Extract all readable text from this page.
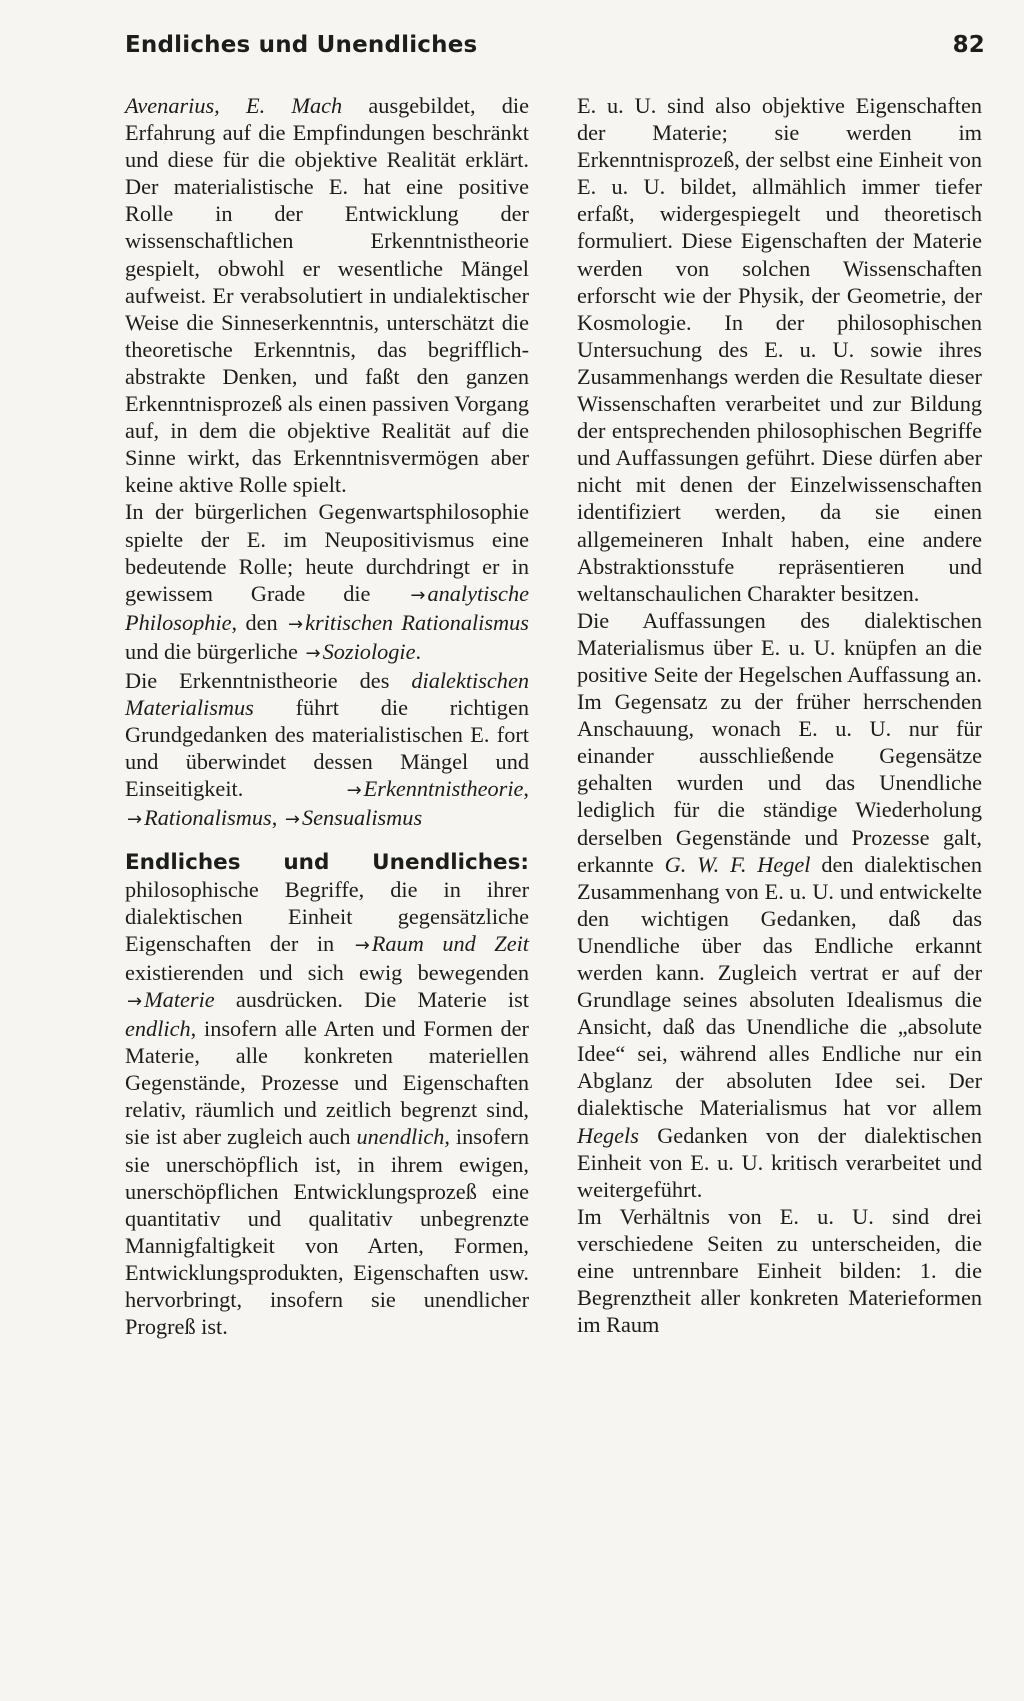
Endliches und Unendliches	82

Avenarius, E. Mach ausgebildet, die Erfahrung auf die Empfindungen beschränkt und diese für die objektive Realität erklärt. Der materialistische E. hat eine positive Rolle in der Entwicklung der wissenschaftlichen Erkenntnistheorie gespielt, obwohl er wesentliche Mängel aufweist. Er verabsolutiert in undialektischer Weise die Sinneserkenntnis, unterschätzt die theoretische Erkenntnis, das begrifflich-abstrakte Denken, und faßt den ganzen Erkenntnisprozeß als einen passiven Vorgang auf, in dem die objektive Realität auf die Sinne wirkt, das Erkenntnisvermögen aber keine aktive Rolle spielt.

In der bürgerlichen Gegenwartsphilosophie spielte der E. im Neupositivismus eine bedeutende Rolle; heute durchdringt er in gewissem Grade die →analytische Philosophie, den →kritischen Rationalismus und die bürgerliche →Soziologie.

Die Erkenntnistheorie des dialektischen Materialismus führt die richtigen Grundgedanken des materialistischen E. fort und überwindet dessen Mängel und Einseitigkeit. →Erkenntnistheorie, →Rationalismus, →Sensualismus

Endliches und Unendliches: philosophische Begriffe, die in ihrer dialektischen Einheit gegensätzliche Eigenschaften der in →Raum und Zeit existierenden und sich ewig bewegenden →Materie ausdrücken. Die Materie ist endlich, insofern alle Arten und Formen der Materie, alle konkreten materiellen Gegenstände, Prozesse und Eigenschaften relativ, räumlich und zeitlich begrenzt sind, sie ist aber zugleich auch unendlich, insofern sie unerschöpflich ist, in ihrem ewigen, unerschöpflichen Entwicklungsprozeß eine quantitativ und qualitativ unbegrenzte Mannigfaltigkeit von Arten, Formen, Entwicklungsprodukten, Eigenschaften usw. hervorbringt, insofern sie unendlicher Progreß ist.

E. u. U. sind also objektive Eigenschaften der Materie; sie werden im Erkenntnisprozeß, der selbst eine Einheit von E. u. U. bildet, allmählich immer tiefer erfaßt, widergespiegelt und theoretisch formuliert. Diese Eigenschaften der Materie werden von solchen Wissenschaften erforscht wie der Physik, der Geometrie, der Kosmologie. In der philosophischen Untersuchung des E. u. U. sowie ihres Zusammenhangs werden die Resultate dieser Wissenschaften verarbeitet und zur Bildung der entsprechenden philosophischen Begriffe und Auffassungen geführt. Diese dürfen aber nicht mit denen der Einzelwissenschaften identifiziert werden, da sie einen allgemeineren Inhalt haben, eine andere Abstraktionsstufe repräsentieren und weltanschaulichen Charakter besitzen.

Die Auffassungen des dialektischen Materialismus über E. u. U. knüpfen an die positive Seite der Hegelschen Auffassung an. Im Gegensatz zu der früher herrschenden Anschauung, wonach E. u. U. nur für einander ausschließende Gegensätze gehalten wurden und das Unendliche lediglich für die ständige Wiederholung derselben Gegenstände und Prozesse galt, erkannte G. W. F. Hegel den dialektischen Zusammenhang von E. u. U. und entwickelte den wichtigen Gedanken, daß das Unendliche über das Endliche erkannt werden kann. Zugleich vertrat er auf der Grundlage seines absoluten Idealismus die Ansicht, daß das Unendliche die „absolute Idee“ sei, während alles Endliche nur ein Abglanz der absoluten Idee sei. Der dialektische Materialismus hat vor allem Hegels Gedanken von der dialektischen Einheit von E. u. U. kritisch verarbeitet und weitergeführt.

Im Verhältnis von E. u. U. sind drei verschiedene Seiten zu unterscheiden, die eine untrennbare Einheit bilden: 1. die Begrenztheit aller konkreten Materieformen im Raum
